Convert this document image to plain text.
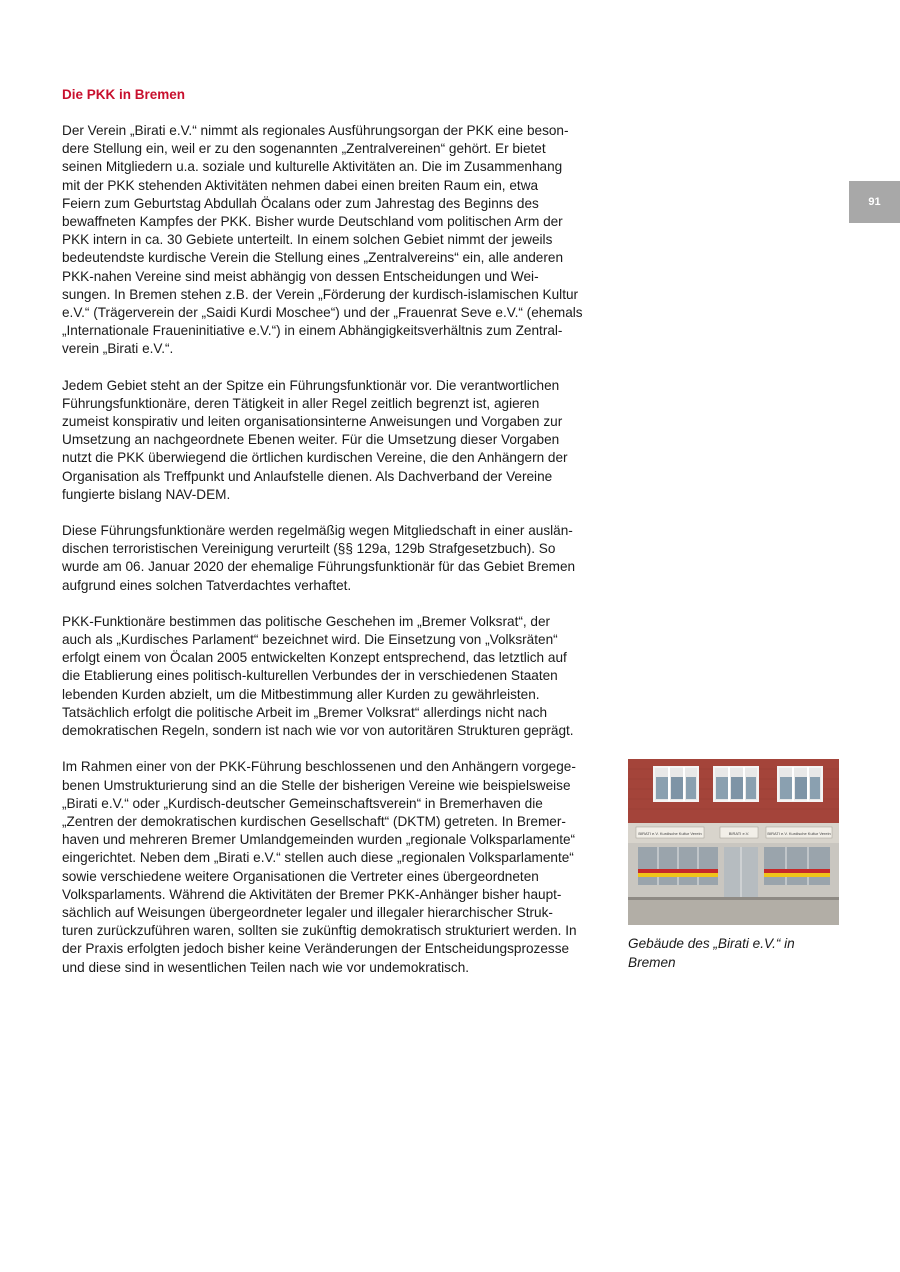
91
Die PKK in Bremen

Der Verein „Birati e.V.“ nimmt als regionales Ausführungsorgan der PKK eine beson-
dere Stellung ein, weil er zu den sogenannten „Zentralvereinen“ gehört. Er bietet
seinen Mitgliedern u.a. soziale und kulturelle Aktivitäten an. Die im Zusammenhang
mit der PKK stehenden Aktivitäten nehmen dabei einen breiten Raum ein, etwa
Feiern zum Geburtstag Abdullah Öcalans oder zum Jahrestag des Beginns des
bewaffneten Kampfes der PKK. Bisher wurde Deutschland vom politischen Arm der
PKK intern in ca. 30 Gebiete unterteilt. In einem solchen Gebiet nimmt der jeweils
bedeutendste kurdische Verein die Stellung eines „Zentralvereins“ ein, alle anderen
PKK-nahen Vereine sind meist abhängig von dessen Entscheidungen und Wei-
sungen. In Bremen stehen z.B. der Verein „Förderung der kurdisch-islamischen Kultur
e.V.“ (Trägerverein der „Saidi Kurdi Moschee“) und der „Frauenrat Seve e.V.“ (ehemals
„Internationale Fraueninitiative e.V.“) in einem Abhängigkeitsverhältnis zum Zentral-
verein „Birati e.V.“.

Jedem Gebiet steht an der Spitze ein Führungsfunktionär vor. Die verantwortlichen
Führungsfunktionäre, deren Tätigkeit in aller Regel zeitlich begrenzt ist, agieren
zumeist konspirativ und leiten organisationsinterne Anweisungen und Vorgaben zur
Umsetzung an nachgeordnete Ebenen weiter. Für die Umsetzung dieser Vorgaben
nutzt die PKK überwiegend die örtlichen kurdischen Vereine, die den Anhängern der
Organisation als Treffpunkt und Anlaufstelle dienen. Als Dachverband der Vereine
fungierte bislang NAV-DEM.

Diese Führungsfunktionäre werden regelmäßig wegen Mitgliedschaft in einer auslän-
dischen terroristischen Vereinigung verurteilt (§§ 129a, 129b Strafgesetzbuch). So
wurde am 06. Januar 2020 der ehemalige Führungsfunktionär für das Gebiet Bremen
aufgrund eines solchen Tatverdachtes verhaftet.

PKK-Funktionäre bestimmen das politische Geschehen im „Bremer Volksrat“, der
auch als „Kurdisches Parlament“ bezeichnet wird. Die Einsetzung von „Volksräten“
erfolgt einem von Öcalan 2005 entwickelten Konzept entsprechend, das letztlich auf
die Etablierung eines politisch-kulturellen Verbundes der in verschiedenen Staaten
lebenden Kurden abzielt, um die Mitbestimmung aller Kurden zu gewährleisten.
Tatsächlich erfolgt die politische Arbeit im „Bremer Volksrat“ allerdings nicht nach
demokratischen Regeln, sondern ist nach wie vor von autoritären Strukturen geprägt.

Im Rahmen einer von der PKK-Führung beschlossenen und den Anhängern vorgege-
benen Umstrukturierung sind an die Stelle der bisherigen Vereine wie beispielsweise
„Birati e.V.“ oder „Kurdisch-deutscher Gemeinschaftsverein“ in Bremerhaven die
„Zentren der demokratischen kurdischen Gesellschaft“ (DKTM) getreten. In Bremer-
haven und mehreren Bremer Umlandgemeinden wurden „regionale Volksparlamente“
eingerichtet. Neben dem „Birati e.V.“ stellen auch diese „regionalen Volksparlamente“
sowie verschiedene weitere Organisationen die Vertreter eines übergeordneten
Volksparlaments. Während die Aktivitäten der Bremer PKK-Anhänger bisher haupt-
sächlich auf Weisungen übergeordneter legaler und illegaler hierarchischer Struk-
turen zurückzuführen waren, sollten sie zukünftig demokratisch strukturiert werden. In
der Praxis erfolgten jedoch bisher keine Veränderungen der Entscheidungsprozesse
und diese sind in wesentlichen Teilen nach wie vor undemokratisch.

BIRATI e.V. Kurdische Kultur Verein	BIRATI e.V.	BIRATI e.V. Kurdische Kultur Verein
Gebäude des „Birati e.V.“ in
Bremen
